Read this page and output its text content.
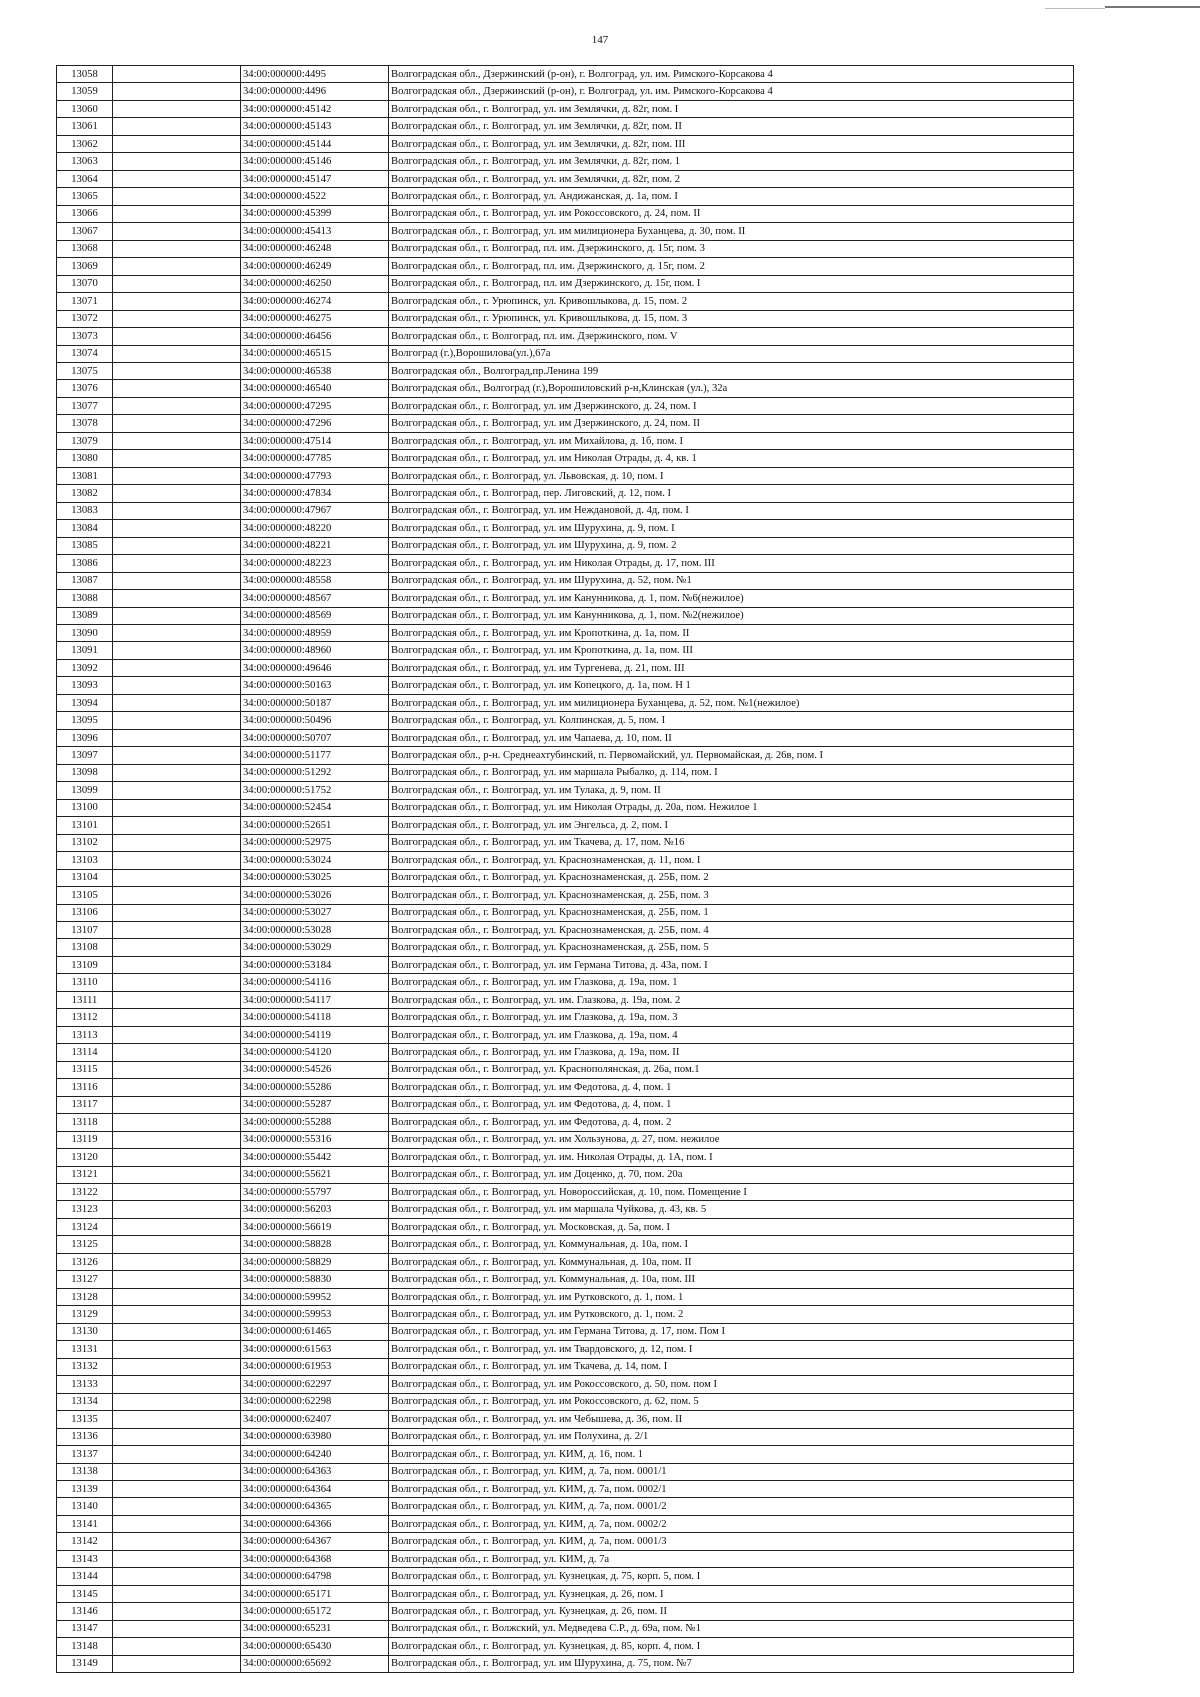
147
13058		34:00:000000:4495	Волгоградская обл., Дзержинский (р-он), г. Волгоград, ул. им. Римского-Корсакова 4
13059		34:00:000000:4496	Волгоградская обл., Дзержинский (р-он), г. Волгоград, ул. им. Римского-Корсакова 4
13060		34:00:000000:45142	Волгоградская обл., г. Волгоград, ул. им Землячки, д. 82г, пом. I
13061		34:00:000000:45143	Волгоградская обл., г. Волгоград, ул. им Землячки, д. 82г, пом. II
13062		34:00:000000:45144	Волгоградская обл., г. Волгоград, ул. им Землячки, д. 82г, пом. III
13063		34:00:000000:45146	Волгоградская обл., г. Волгоград, ул. им Землячки, д. 82г, пом. 1
13064		34:00:000000:45147	Волгоградская обл., г. Волгоград, ул. им Землячки, д. 82г, пом. 2
13065		34:00:000000:4522	Волгоградская обл., г. Волгоград, ул. Андижанская, д. 1а, пом. I
13066		34:00:000000:45399	Волгоградская обл., г. Волгоград, ул. им Рокоссовского, д. 24, пом. II
13067		34:00:000000:45413	Волгоградская обл., г. Волгоград, ул. им милиционера Буханцева, д. 30, пом. II
13068		34:00:000000:46248	Волгоградская обл., г. Волгоград, пл. им. Дзержинского, д. 15г, пом. 3
13069		34:00:000000:46249	Волгоградская обл., г. Волгоград, пл. им. Дзержинского, д. 15г, пом. 2
13070		34:00:000000:46250	Волгоградская обл., г. Волгоград, пл. им Дзержинского, д. 15г, пом. I
13071		34:00:000000:46274	Волгоградская обл., г. Урюпинск, ул. Кривошлыкова, д. 15, пом. 2
13072		34:00:000000:46275	Волгоградская обл., г. Урюпинск, ул. Кривошлыкова, д. 15, пом. 3
13073		34:00:000000:46456	Волгоградская обл., г. Волгоград, пл. им. Дзержинского, пом. V
13074		34:00:000000:46515	Волгоград (г.),Ворошилова(ул.),67а
13075		34:00:000000:46538	Волгоградская обл., Волгоград,пр.Ленина 199
13076		34:00:000000:46540	Волгоградская обл., Волгоград (г.),Ворошиловский р-н,Клинская (ул.), 32а
13077		34:00:000000:47295	Волгоградская обл., г. Волгоград, ул. им Дзержинского, д. 24, пом. I
13078		34:00:000000:47296	Волгоградская обл., г. Волгоград, ул. им Дзержинского, д. 24, пом. II
13079		34:00:000000:47514	Волгоградская обл., г. Волгоград, ул. им Михайлова, д. 1б, пом. I
13080		34:00:000000:47785	Волгоградская обл., г. Волгоград, ул. им Николая Отрады, д. 4, кв. 1
13081		34:00:000000:47793	Волгоградская обл., г. Волгоград, ул. Львовская, д. 10, пом. I
13082		34:00:000000:47834	Волгоградская обл., г. Волгоград, пер. Лиговский, д. 12, пом. I
13083		34:00:000000:47967	Волгоградская обл., г. Волгоград, ул. им Неждановой, д. 4д, пом. I
13084		34:00:000000:48220	Волгоградская обл., г. Волгоград, ул. им Шурухина, д. 9, пом. I
13085		34:00:000000:48221	Волгоградская обл., г. Волгоград, ул. им Шурухина, д. 9, пом. 2
13086		34:00:000000:48223	Волгоградская обл., г. Волгоград, ул. им Николая Отрады, д. 17, пом. III
13087		34:00:000000:48558	Волгоградская обл., г. Волгоград, ул. им Шурухина, д. 52, пом. №1
13088		34:00:000000:48567	Волгоградская обл., г. Волгоград, ул. им Канунникова, д. 1, пом. №6(нежилое)
13089		34:00:000000:48569	Волгоградская обл., г. Волгоград, ул. им Канунникова, д. 1, пом. №2(нежилое)
13090		34:00:000000:48959	Волгоградская обл., г. Волгоград, ул. им Кропоткина, д. 1а, пом. II
13091		34:00:000000:48960	Волгоградская обл., г. Волгоград, ул. им Кропоткина, д. 1а, пом. III
13092		34:00:000000:49646	Волгоградская обл., г. Волгоград, ул. им Тургенева, д. 21, пом. III
13093		34:00:000000:50163	Волгоградская обл., г. Волгоград, ул. им Копецкого, д. 1а, пом. Н 1
13094		34:00:000000:50187	Волгоградская обл., г. Волгоград, ул. им милиционера Буханцева, д. 52, пом. №1(нежилое)
13095		34:00:000000:50496	Волгоградская обл., г. Волгоград, ул. Колпинская, д. 5, пом. I
13096		34:00:000000:50707	Волгоградская обл., г. Волгоград, ул. им Чапаева, д. 10, пом. II
13097		34:00:000000:51177	Волгоградская обл., р-н. Среднеахтубинский, п. Первомайский, ул. Первомайская, д. 26в, пом. I
13098		34:00:000000:51292	Волгоградская обл., г. Волгоград, ул. им маршала Рыбалко, д. 114, пом. I
13099		34:00:000000:51752	Волгоградская обл., г. Волгоград, ул. им Тулака, д. 9, пом. II
13100		34:00:000000:52454	Волгоградская обл., г. Волгоград, ул. им Николая Отрады, д. 20а, пом. Нежилое 1
13101		34:00:000000:52651	Волгоградская обл., г. Волгоград, ул. им Энгельса, д. 2, пом. I
13102		34:00:000000:52975	Волгоградская обл., г. Волгоград, ул. им Ткачева, д. 17, пом. №16
13103		34:00:000000:53024	Волгоградская обл., г. Волгоград, ул. Краснознаменская, д. 11, пом. I
13104		34:00:000000:53025	Волгоградская обл., г. Волгоград, ул. Краснознаменская, д. 25Б, пом. 2
13105		34:00:000000:53026	Волгоградская обл., г. Волгоград, ул. Краснознаменская, д. 25Б, пом. 3
13106		34:00:000000:53027	Волгоградская обл., г. Волгоград, ул. Краснознаменская, д. 25Б, пом. 1
13107		34:00:000000:53028	Волгоградская обл., г. Волгоград, ул. Краснознаменская, д. 25Б, пом. 4
13108		34:00:000000:53029	Волгоградская обл., г. Волгоград, ул. Краснознаменская, д. 25Б, пом. 5
13109		34:00:000000:53184	Волгоградская обл., г. Волгоград, ул. им Германа Титова, д. 43а, пом. I
13110		34:00:000000:54116	Волгоградская обл., г. Волгоград, ул. им Глазкова, д. 19а, пом. 1
13111		34:00:000000:54117	Волгоградская обл., г. Волгоград, ул. им. Глазкова, д. 19а, пом. 2
13112		34:00:000000:54118	Волгоградская обл., г. Волгоград, ул. им Глазкова, д. 19а, пом. 3
13113		34:00:000000:54119	Волгоградская обл., г. Волгоград, ул. им Глазкова, д. 19а, пом. 4
13114		34:00:000000:54120	Волгоградская обл., г. Волгоград, ул. им Глазкова, д. 19а, пом. II
13115		34:00:000000:54526	Волгоградская обл., г. Волгоград, ул. Краснополянская, д. 26а, пом.1
13116		34:00:000000:55286	Волгоградская обл., г. Волгоград, ул. им Федотова, д. 4, пом. 1
13117		34:00:000000:55287	Волгоградская обл., г. Волгоград, ул. им Федотова, д. 4, пом. 1
13118		34:00:000000:55288	Волгоградская обл., г. Волгоград, ул. им Федотова, д. 4, пом. 2
13119		34:00:000000:55316	Волгоградская обл., г. Волгоград, ул. им Хользунова, д. 27, пом. нежилое
13120		34:00:000000:55442	Волгоградская обл., г. Волгоград, ул. им. Николая Отрады, д. 1А, пом. I
13121		34:00:000000:55621	Волгоградская обл., г. Волгоград, ул. им Доценко, д. 70, пом. 20а
13122		34:00:000000:55797	Волгоградская обл., г. Волгоград, ул. Новороссийская, д. 10, пом. Помещение I
13123		34:00:000000:56203	Волгоградская обл., г. Волгоград, ул. им маршала Чуйкова, д. 43, кв. 5
13124		34:00:000000:56619	Волгоградская обл., г. Волгоград, ул. Московская, д. 5а, пом. I
13125		34:00:000000:58828	Волгоградская обл., г. Волгоград, ул. Коммунальная, д. 10а, пом. I
13126		34:00:000000:58829	Волгоградская обл., г. Волгоград, ул. Коммунальная, д. 10а, пом. II
13127		34:00:000000:58830	Волгоградская обл., г. Волгоград, ул. Коммунальная, д. 10а, пом. III
13128		34:00:000000:59952	Волгоградская обл., г. Волгоград, ул. им Рутковского, д. 1, пом. 1
13129		34:00:000000:59953	Волгоградская обл., г. Волгоград, ул. им Рутковского, д. 1, пом. 2
13130		34:00:000000:61465	Волгоградская обл., г. Волгоград, ул. им Германа Титова, д. 17, пом. Пом I
13131		34:00:000000:61563	Волгоградская обл., г. Волгоград, ул. им Твардовского, д. 12, пом. I
13132		34:00:000000:61953	Волгоградская обл., г. Волгоград, ул. им Ткачева, д. 14, пом. I
13133		34:00:000000:62297	Волгоградская обл., г. Волгоград, ул. им Рокоссовского, д. 50, пом. пом I
13134		34:00:000000:62298	Волгоградская обл., г. Волгоград, ул. им Рокоссовского, д. 62, пом. 5
13135		34:00:000000:62407	Волгоградская обл., г. Волгоград, ул. им Чебышева, д. 36, пом. II
13136		34:00:000000:63980	Волгоградская обл., г. Волгоград, ул. им Полухина, д. 2/1
13137		34:00:000000:64240	Волгоградская обл., г. Волгоград, ул. КИМ, д. 16, пом. 1
13138		34:00:000000:64363	Волгоградская обл., г. Волгоград, ул. КИМ, д. 7а, пом. 0001/1
13139		34:00:000000:64364	Волгоградская обл., г. Волгоград, ул. КИМ, д. 7а, пом. 0002/1
13140		34:00:000000:64365	Волгоградская обл., г. Волгоград, ул. КИМ, д. 7а, пом. 0001/2
13141		34:00:000000:64366	Волгоградская обл., г. Волгоград, ул. КИМ, д. 7а, пом. 0002/2
13142		34:00:000000:64367	Волгоградская обл., г. Волгоград, ул. КИМ, д. 7а, пом. 0001/3
13143		34:00:000000:64368	Волгоградская обл., г. Волгоград, ул. КИМ, д. 7а
13144		34:00:000000:64798	Волгоградская обл., г. Волгоград, ул. Кузнецкая, д. 75, корп. 5, пом. I
13145		34:00:000000:65171	Волгоградская обл., г. Волгоград, ул. Кузнецкая, д. 26, пом. I
13146		34:00:000000:65172	Волгоградская обл., г. Волгоград, ул. Кузнецкая, д. 26, пом. II
13147		34:00:000000:65231	Волгоградская обл., г. Волжский, ул. Медведева С.Р., д. 69а, пом. №1
13148		34:00:000000:65430	Волгоградская обл., г. Волгоград, ул. Кузнецкая, д. 85, корп. 4, пом. I
13149		34:00:000000:65692	Волгоградская обл., г. Волгоград, ул. им Шурухина, д. 75, пом. №7
